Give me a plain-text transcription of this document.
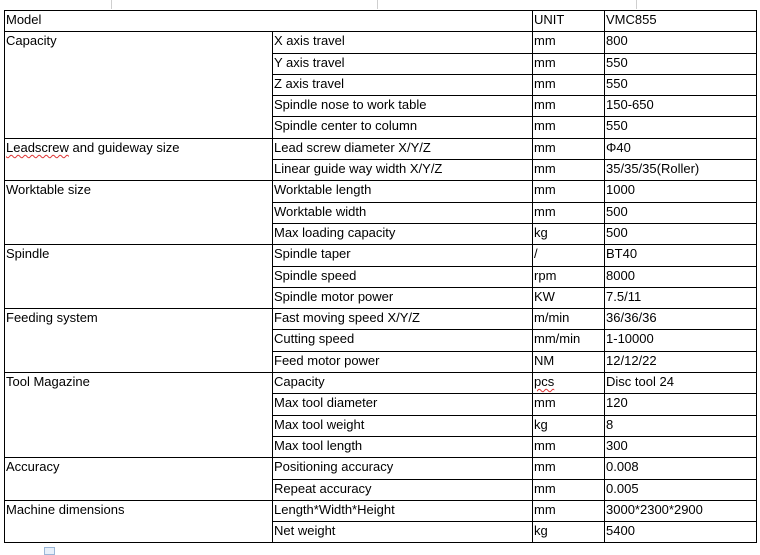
Model		UNIT	VMC855
Capacity	X axis travel	mm	800
	Y axis travel	mm	550
	Z axis travel	mm	550
	Spindle nose to work table	mm	150-650
	Spindle center to column	mm	550
Leadscrew and guideway size	Lead screw diameter X/Y/Z	mm	Φ40
	Linear guide way width X/Y/Z	mm	35/35/35(Roller)
Worktable size	Worktable length	mm	1000
	Worktable width	mm	500
	Max loading capacity	kg	500
Spindle	Spindle taper	/	BT40
	Spindle speed	rpm	8000
	Spindle motor power	KW	7.5/11
Feeding system	Fast moving speed X/Y/Z	m/min	36/36/36
	Cutting speed	mm/min	1-10000
	Feed motor power	NM	12/12/22
Tool Magazine	Capacity	pcs	Disc tool 24
	Max tool diameter	mm	120
	Max tool weight	kg	8
	Max tool length	mm	300
Accuracy	Positioning accuracy	mm	0.008
	Repeat accuracy	mm	0.005
Machine dimensions	Length*Width*Height	mm	3000*2300*2900
	Net weight	kg	5400
